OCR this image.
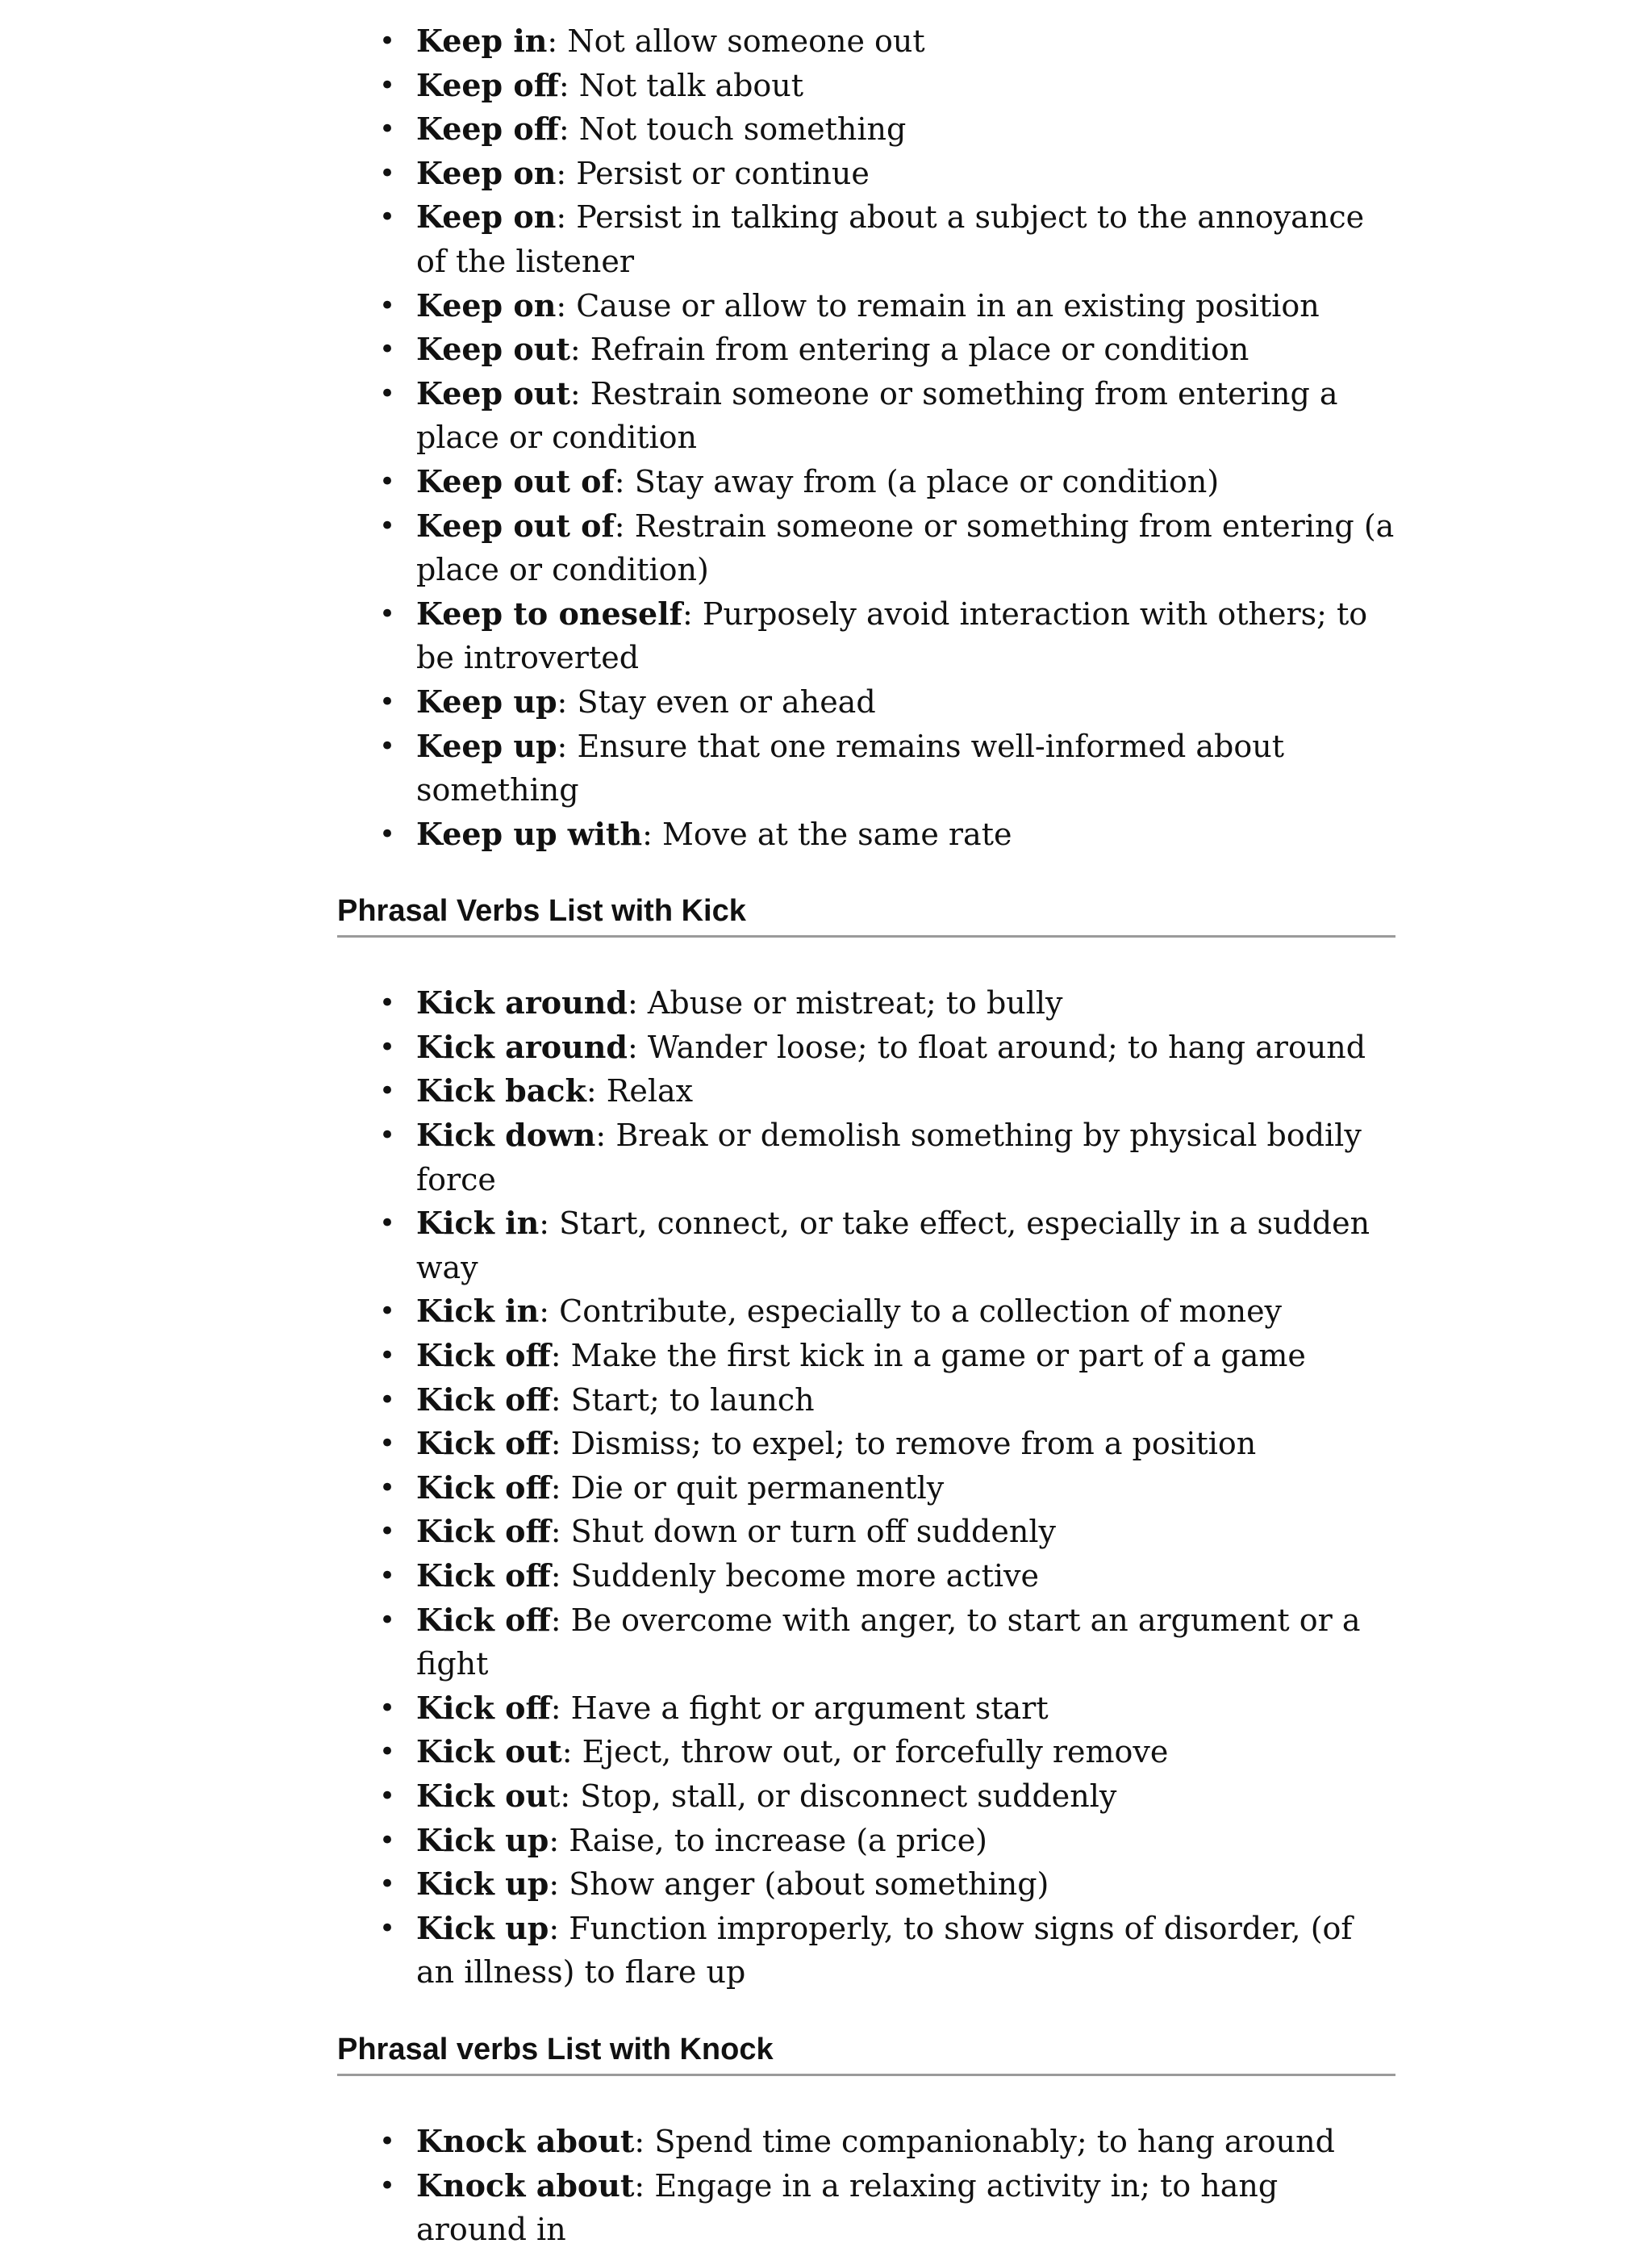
• Keep in: Not allow someone out
• Keep off: Not talk about
• Keep off: Not touch something
• Keep on: Persist or continue
• Keep on: Persist in talking about a subject to the annoyance of the listener
• Keep on: Cause or allow to remain in an existing position
• Keep out: Refrain from entering a place or condition
• Keep out: Restrain someone or something from entering a place or condition
• Keep out of: Stay away from (a place or condition)
• Keep out of: Restrain someone or something from entering (a place or condition)
• Keep to oneself: Purposely avoid interaction with others; to be introverted
• Keep up: Stay even or ahead
• Keep up: Ensure that one remains well-informed about something
• Keep up with: Move at the same rate
Phrasal Verbs List with Kick
• Kick around: Abuse or mistreat; to bully
• Kick around: Wander loose; to float around; to hang around
• Kick back: Relax
• Kick down: Break or demolish something by physical bodily force
• Kick in: Start, connect, or take effect, especially in a sudden way
• Kick in: Contribute, especially to a collection of money
• Kick off: Make the first kick in a game or part of a game
• Kick off: Start; to launch
• Kick off: Dismiss; to expel; to remove from a position
• Kick off: Die or quit permanently
• Kick off: Shut down or turn off suddenly
• Kick off: Suddenly become more active
• Kick off: Be overcome with anger, to start an argument or a fight
• Kick off: Have a fight or argument start
• Kick out: Eject, throw out, or forcefully remove
• Kick out: Stop, stall, or disconnect suddenly
• Kick up: Raise, to increase (a price)
• Kick up: Show anger (about something)
• Kick up: Function improperly, to show signs of disorder, (of an illness) to flare up
Phrasal verbs List with Knock
• Knock about: Spend time companionably; to hang around
• Knock about: Engage in a relaxing activity in; to hang around in
